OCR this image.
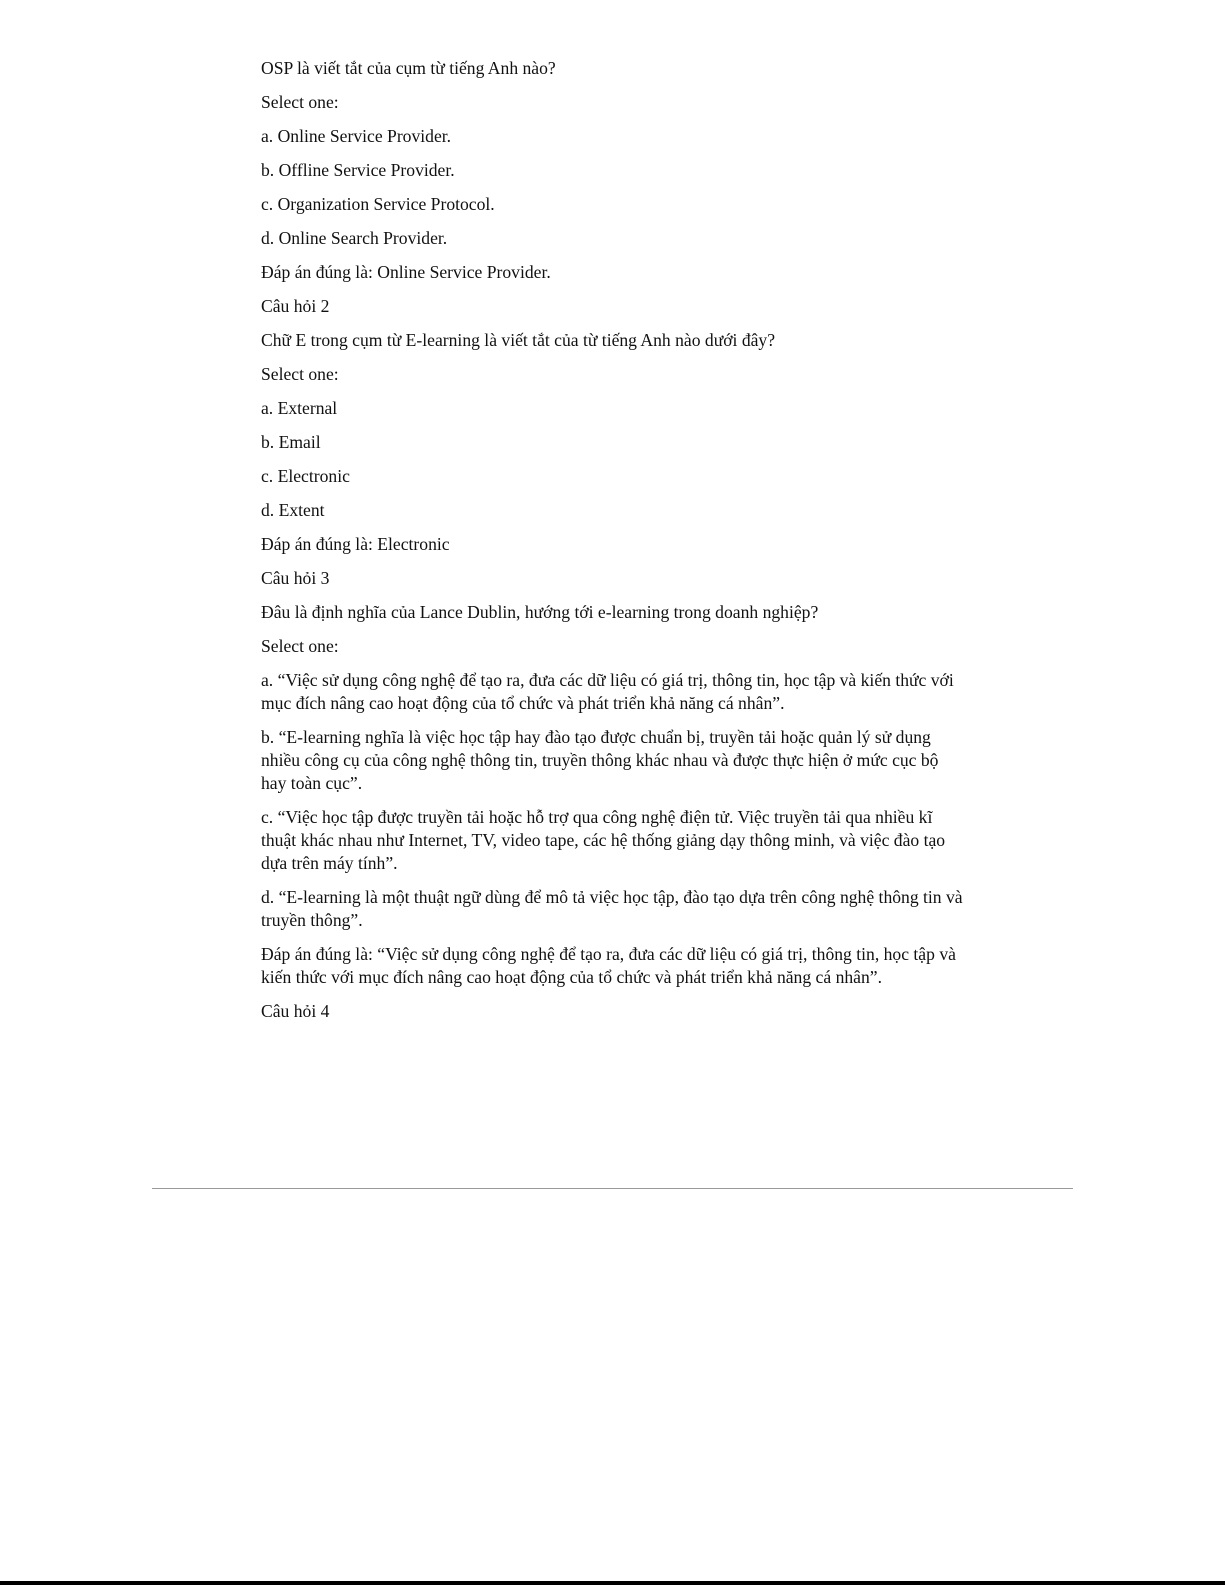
OSP là viết tắt của cụm từ tiếng Anh nào?

Select one:

a. Online Service Provider.

b. Offline Service Provider.

c. Organization Service Protocol.

d. Online Search Provider.

Đáp án đúng là: Online Service Provider.

Câu hỏi 2

Chữ E trong cụm từ E-learning là viết tắt của từ tiếng Anh nào dưới đây?

Select one:

a. External

b. Email

c. Electronic

d. Extent

Đáp án đúng là: Electronic

Câu hỏi 3

Đâu là định nghĩa của Lance Dublin, hướng tới e-learning trong doanh nghiệp?

Select one:

a. “Việc sử dụng công nghệ để tạo ra, đưa các dữ liệu có giá trị, thông tin, học tập và kiến thức với mục đích nâng cao hoạt động của tổ chức và phát triển khả năng cá nhân”.

b. “E-learning nghĩa là việc học tập hay đào tạo được chuẩn bị, truyền tải hoặc quản lý sử dụng nhiều công cụ của công nghệ thông tin, truyền thông khác nhau và được thực hiện ở mức cục bộ hay toàn cục”.

c. “Việc học tập được truyền tải hoặc hỗ trợ qua công nghệ điện tử. Việc truyền tải qua nhiều kĩ thuật khác nhau như Internet, TV, video tape, các hệ thống giảng dạy thông minh, và việc đào tạo dựa trên máy tính”.

d. “E-learning là một thuật ngữ dùng để mô tả việc học tập, đào tạo dựa trên công nghệ thông tin và truyền thông”.

Đáp án đúng là: “Việc sử dụng công nghệ để tạo ra, đưa các dữ liệu có giá trị, thông tin, học tập và kiến thức với mục đích nâng cao hoạt động của tổ chức và phát triển khả năng cá nhân”.

Câu hỏi 4
